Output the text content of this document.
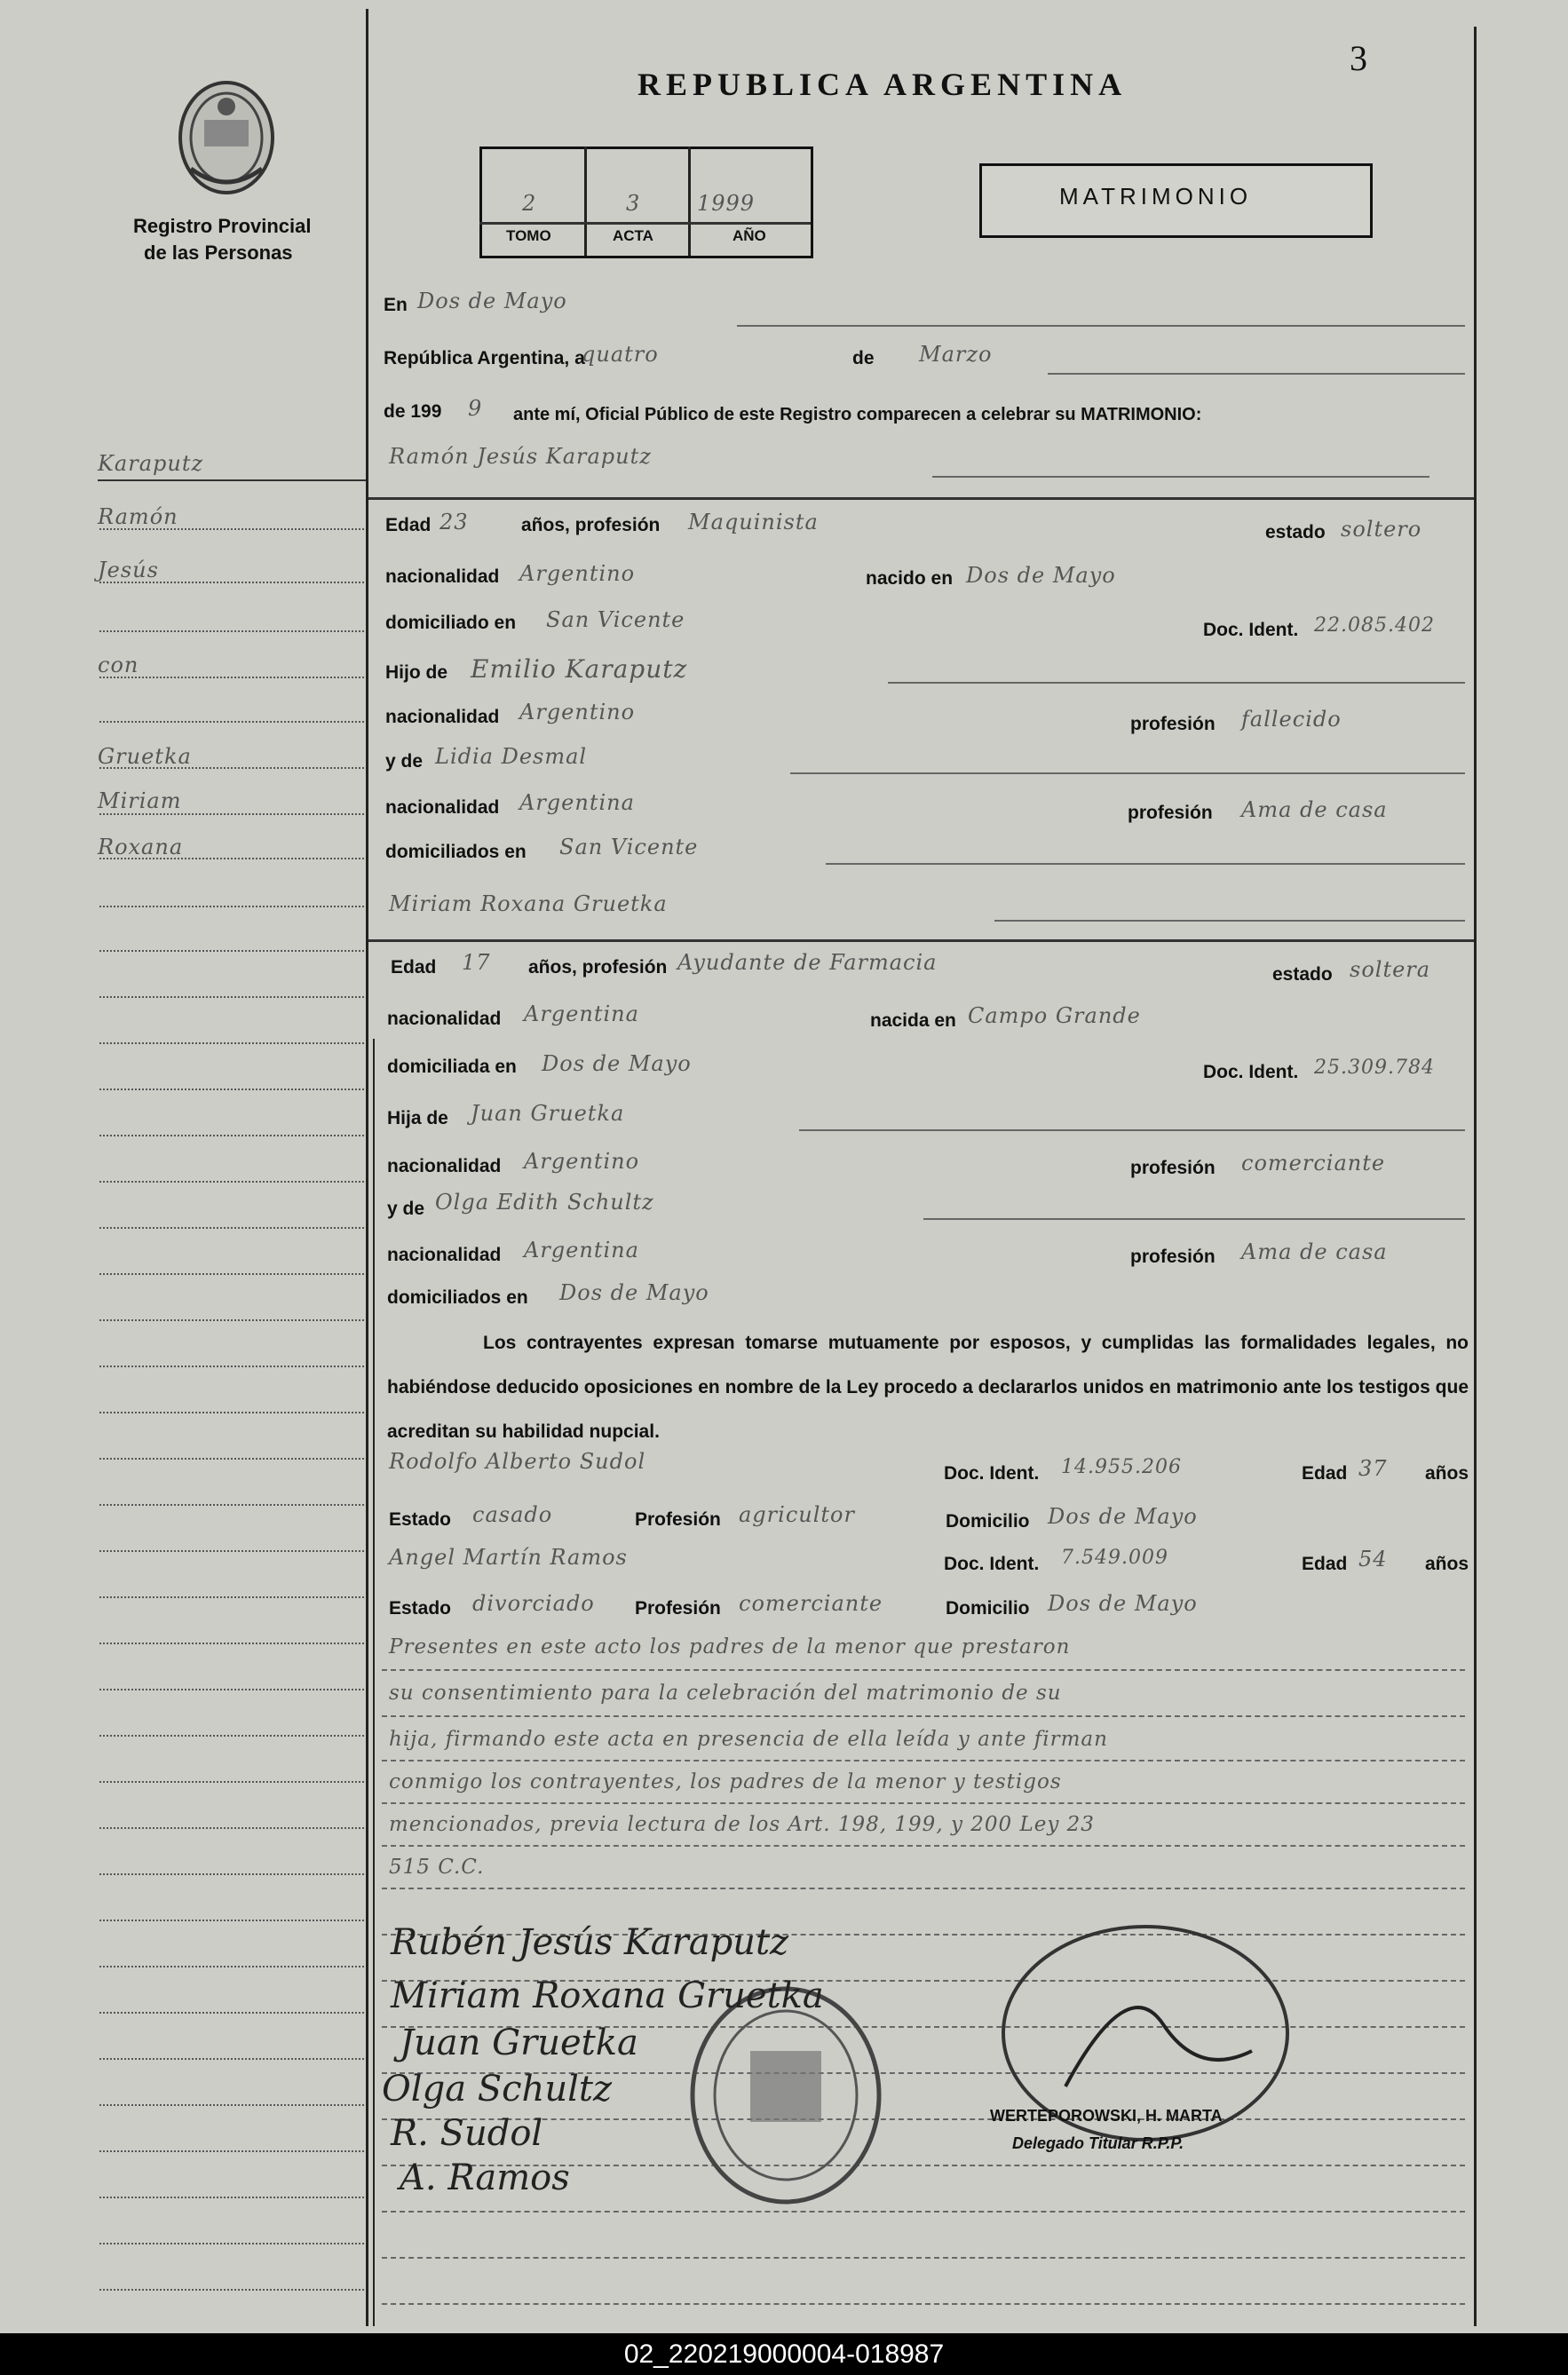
3
Registro Provincial
de las Personas
REPUBLICA ARGENTINA
2	3	1999
TOMO	ACTA	AÑO
MATRIMONIO
En Dos de Mayo
República Argentina, a
quatro	de Marzo
de 199 9 ante mí, Oficial Público de este Registro comparecen a celebrar su MATRIMONIO:
Karaputz
Ramón
Jesús
con
Gruetka
Miriam
Roxana
Ramón Jesús Karaputz
Edad 23	años, profesión Maquinista	estado soltero
nacionalidad Argentino	nacido en Dos de Mayo
domiciliado en San Vicente	Doc. Ident. 22.085.402
Hijo de Emilio Karaputz
nacionalidad Argentino	profesión fallecido
y de Lidia Desmal
nacionalidad Argentina	profesión Ama de casa
domiciliados en San Vicente
Miriam Roxana Gruetka
Edad 17 años, profesión Ayudante de Farmacia	estado soltera
nacionalidad Argentina	nacida en Campo Grande
domiciliada en Dos de Mayo	Doc. Ident. 25.309.784
Hija de Juan Gruetka
nacionalidad Argentino	profesión comerciante
y de Olga Edith Schultz
nacionalidad Argentina	profesión Ama de casa
domiciliados en Dos de Mayo
Los contrayentes expresan tomarse mutuamente por esposos, y cumplidas las formalidades legales, no habiéndose deducido oposiciones en nombre de la Ley procedo a declararlos unidos en matrimonio ante los testigos que acreditan su habilidad nupcial.
Rodolfo Alberto Sudol	Doc. Ident. 14.955.206	Edad 37 años
Estado casado	Profesión agricultor	Domicilio Dos de Mayo
Angel Martín Ramos	Doc. Ident. 7.549.009	Edad 54 años
Estado divorciado Profesión comerciante	Domicilio Dos de Mayo
Presentes en este acto los padres de la menor que prestaron
su consentimiento para la celebración del matrimonio de su
hija, firmando este acta en presencia de ella leída y ante firman
conmigo los contrayentes, los padres de la menor y testigos
mencionados, previa lectura de los Art. 198, 199, y 200 Ley 23
515 C.C.
WERTEPOROWSKI, H. MARTA
Delegado Titular R.P.P.
Rubén Jesús Karaputz
Miriam Roxana Gruetka
Juan Gruetka
Olga Schultz
R. Sudol
A. Ramos
02_220219000004-018987
